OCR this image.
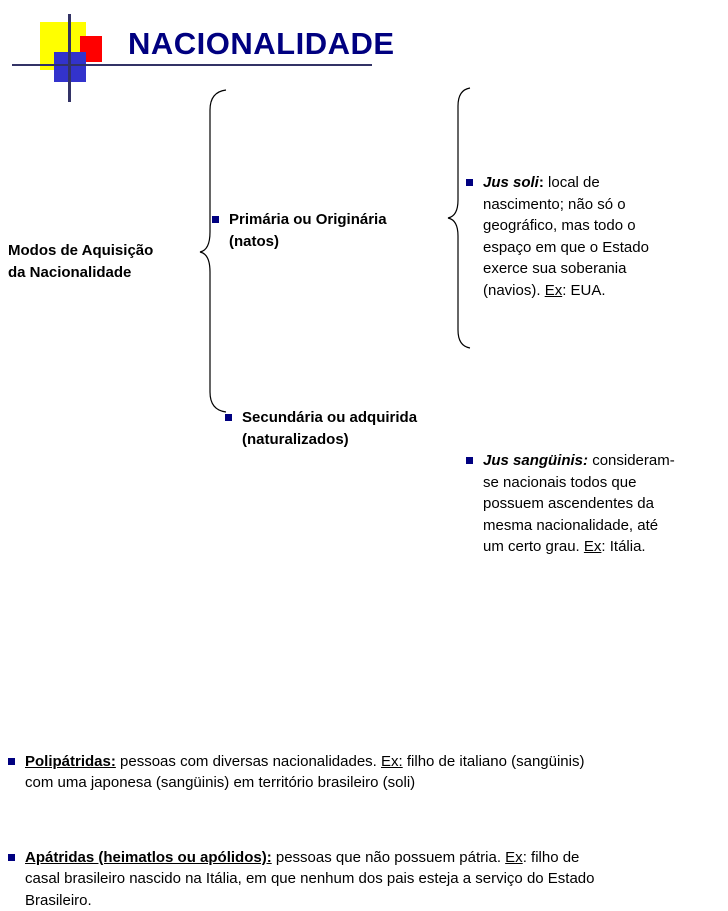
NACIONALIDADE
Modos de Aquisição
da Nacionalidade
Primária ou Originária
(natos)
Secundária ou adquirida
(naturalizados)
Jus soli: local de
nascimento; não só o
geográfico, mas todo o
espaço em que o Estado
exerce sua soberania
(navios). Ex: EUA.
Jus sangüinis: consideram-
se nacionais todos que
possuem ascendentes da
mesma nacionalidade, até
um certo grau. Ex: Itália.
Polipátridas: pessoas com diversas nacionalidades. Ex: filho de italiano (sangüinis)
com uma japonesa (sangüinis) em território brasileiro (soli)
Apátridas (heimatlos ou apólidos): pessoas que não possuem pátria. Ex: filho de
casal brasileiro nascido na Itália, em que nenhum dos pais esteja a serviço do Estado
Brasileiro.
